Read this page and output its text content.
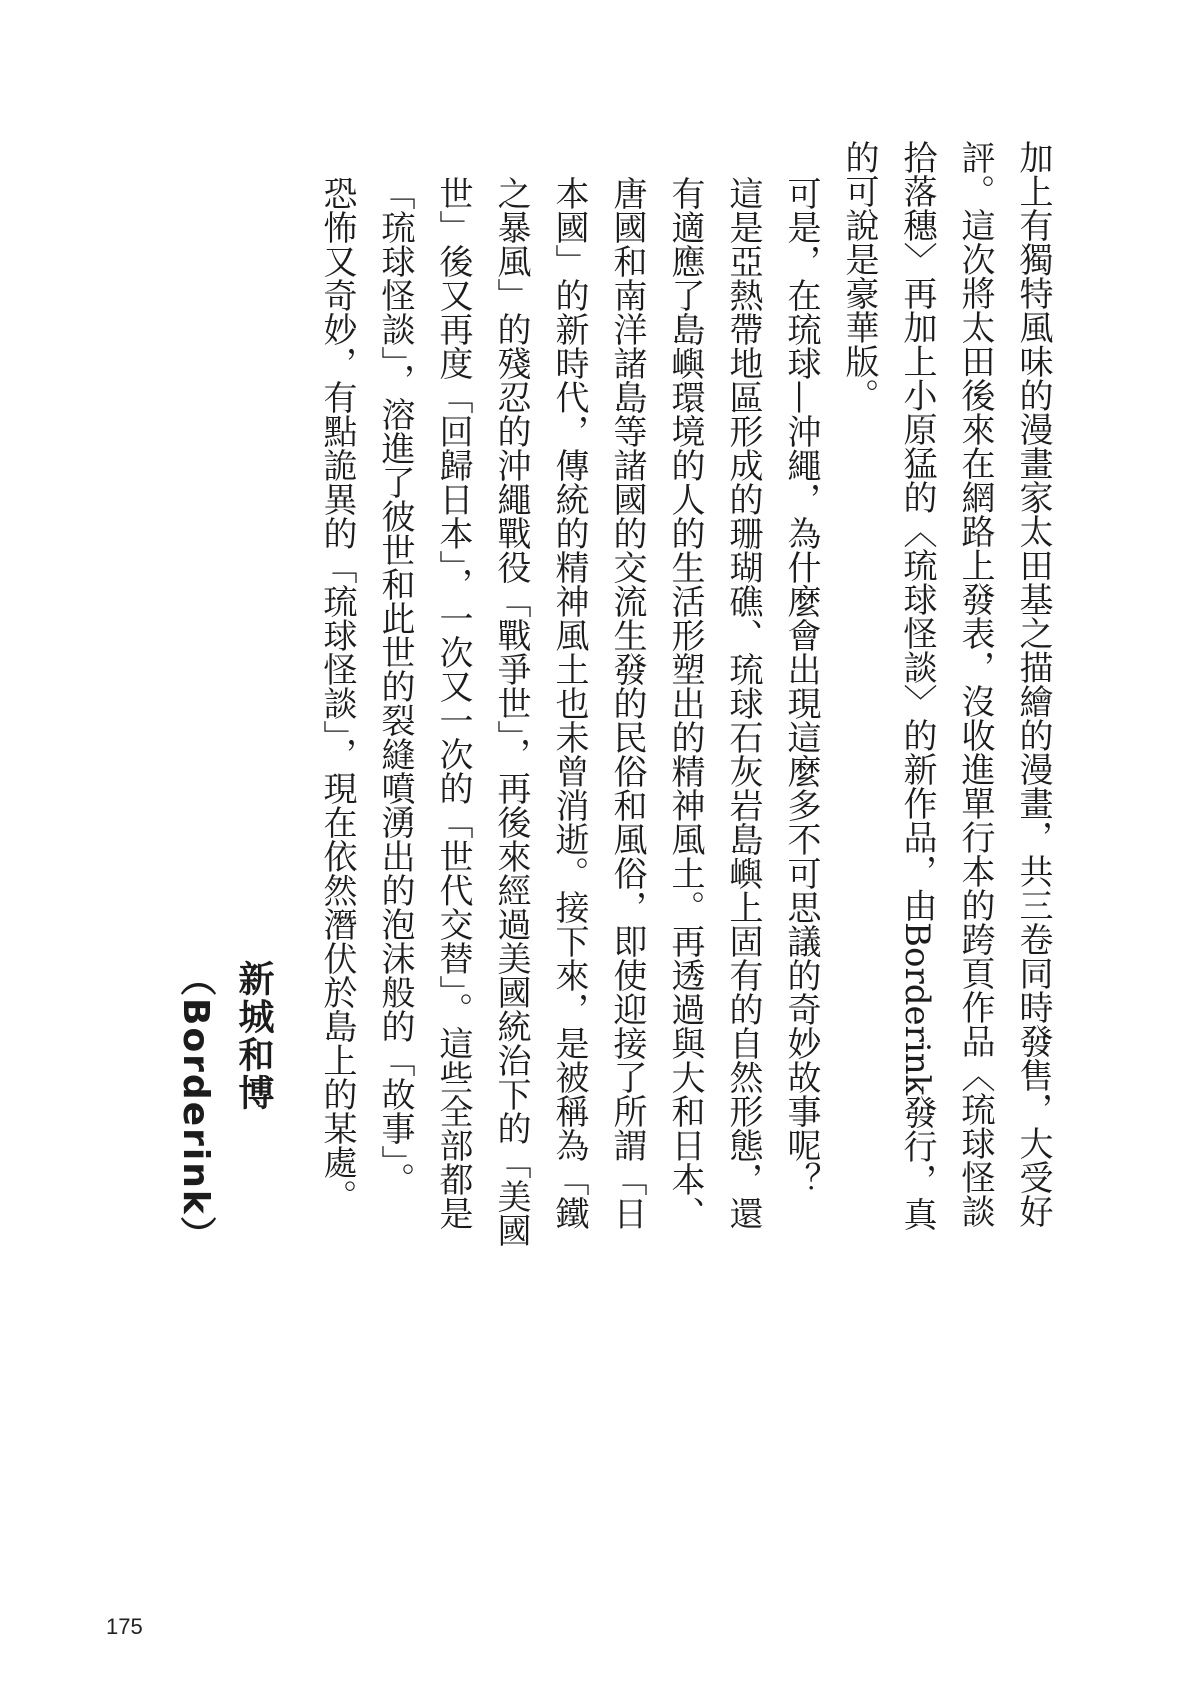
加上有獨特風味的漫畫家太田基之描繪的漫畫，共三卷同時發售，大受好評。這次將太田後來在網路上發表，沒收進單行本的跨頁作品〈琉球怪談拾落穗〉再加上小原猛的〈琉球怪談〉的新作品，由Borderink發行，真的可說是豪華版。

可是，在琉球—沖繩，為什麼會出現這麼多不可思議的奇妙故事呢？

這是亞熱帶地區形成的珊瑚礁、琉球石灰岩島嶼上固有的自然形態，還有適應了島嶼環境的人的生活形塑出的精神風土。再透過與大和日本、唐國和南洋諸島等諸國的交流生發的民俗和風俗，即使迎接了所謂「日本國」的新時代，傳統的精神風土也未曾消逝。接下來，是被稱為「鐵之暴風」的殘忍的沖繩戰役「戰爭世」，再後來經過美國統治下的「美國世」後又再度「回歸日本」，一次又一次的「世代交替」。這些全部都是「琉球怪談」，溶進了彼世和此世的裂縫噴湧出的泡沫般的「故事」。

恐怖又奇妙，有點詭異的「琉球怪談」，現在依然潛伏於島上的某處。

新城和博（Borderink）

175
